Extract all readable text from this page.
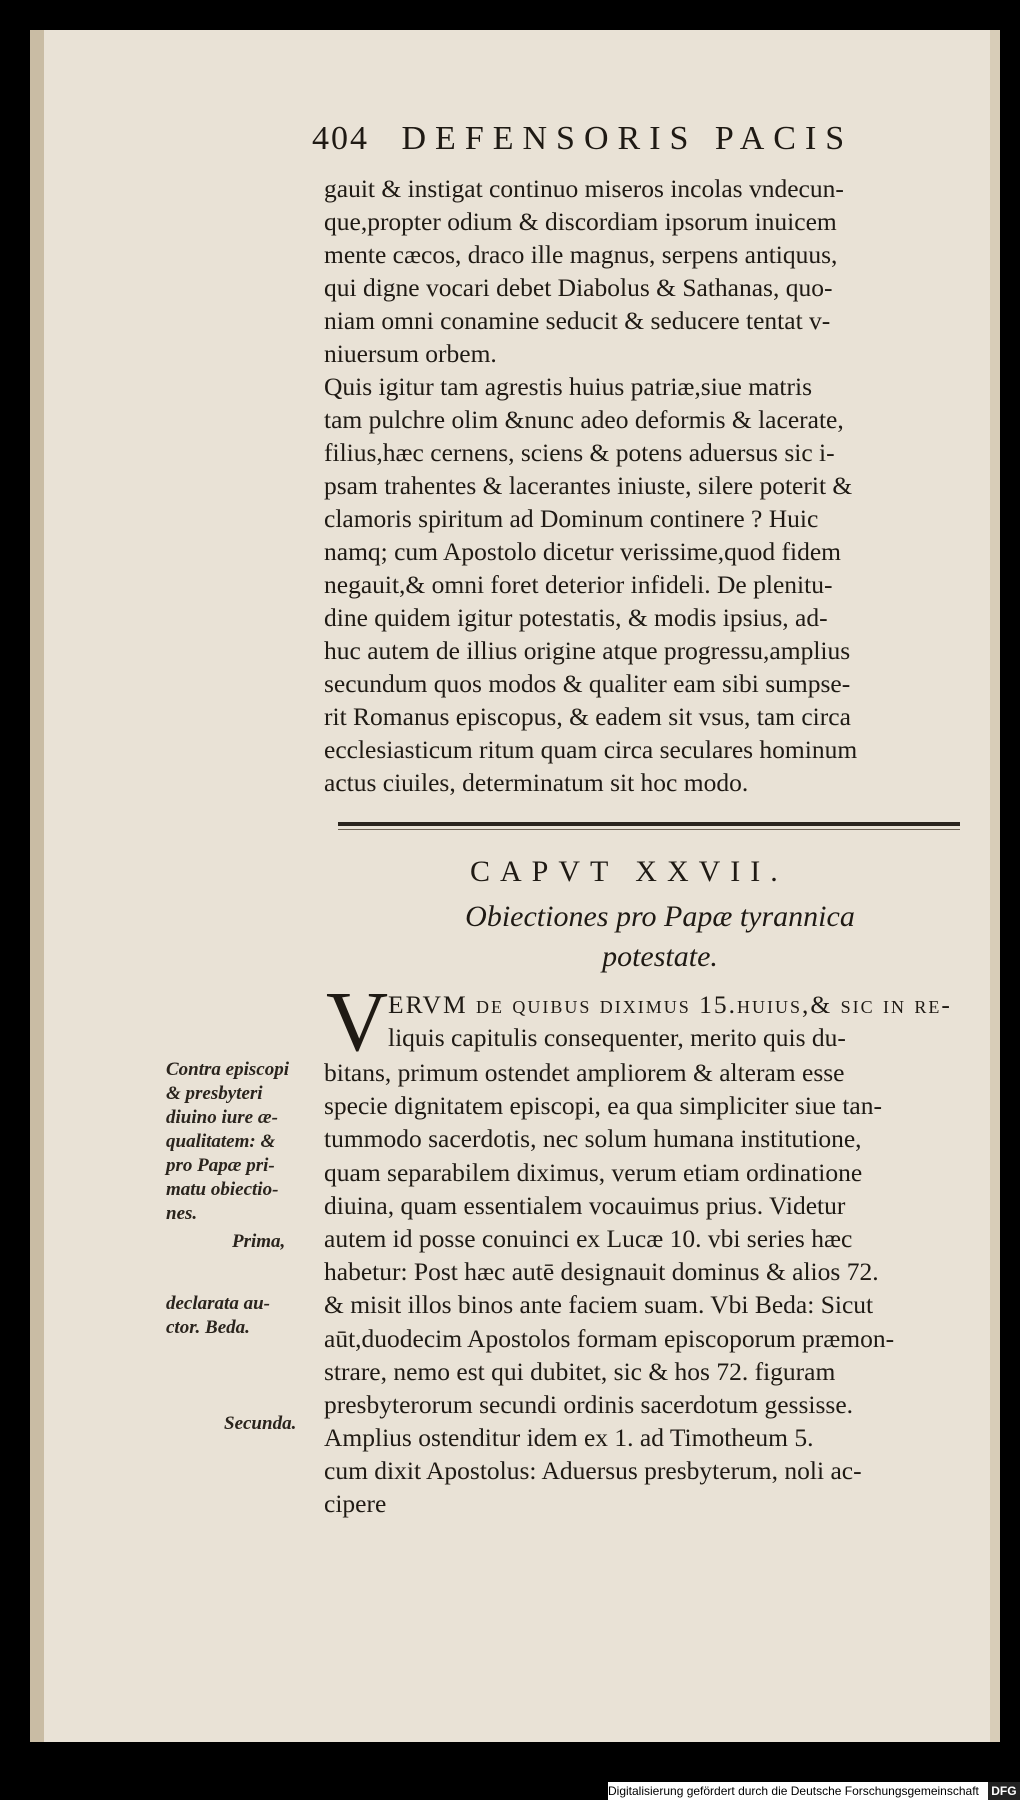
404 DEFENSORIS PACIS
gauit & instigat continuo miseros incolas vndecun-
que,propter odium & discordiam ipsorum inuicem
mente cæcos, draco ille magnus, serpens antiquus,
qui digne vocari debet Diabolus & Sathanas, quo-
niam omni conamine seducit & seducere tentat v-
niuersum orbem.
Quis igitur tam agrestis huius patriæ,siue matris
tam pulchre olim &nunc adeo deformis & lacerate,
filius,hæc cernens, sciens & potens aduersus sic i-
psam trahentes & lacerantes iniuste, silere poterit &
clamoris spiritum ad Dominum continere ? Huic
namq; cum Apostolo dicetur verissime,quod fidem
negauit,& omni foret deterior infideli. De plenitu-
dine quidem igitur potestatis, & modis ipsius, ad-
huc autem de illius origine atque progressu,amplius
secundum quos modos & qualiter eam sibi sumpse-
rit Romanus episcopus, & eadem sit vsus, tam circa
ecclesiasticum ritum quam circa seculares hominum
actus ciuiles, determinatum sit hoc modo.
CAPVT XXVII.
Obiectiones pro Papæ tyrannica
potestate.
V ERVM de quibus diximus 15.huius,& sic in re-
liquis capitulis consequenter, merito quis du-
bitans, primum ostendet ampliorem & alteram esse
specie dignitatem episcopi, ea qua simpliciter siue tan-
tummodo sacerdotis, nec solum humana institutione,
quam separabilem diximus, verum etiam ordinatione
diuina, quam essentialem vocauimus prius. Videtur
autem id posse conuinci ex Lucæ 10. vbi series hæc
habetur: Post hæc autē designauit dominus & alios 72.
& misit illos binos ante faciem suam. Vbi Beda: Sicut
aūt,duodecim Apostolos formam episcoporum præmon-
strare, nemo est qui dubitet, sic & hos 72. figuram
presbyterorum secundi ordinis sacerdotum gessisse.
Amplius ostenditur idem ex 1. ad Timotheum 5.
cum dixit Apostolus: Aduersus presbyterum, noli ac-
cipere
Contra episcopi
& presbyteri
diuino iure æ-
qualitatem: &
pro Papæ pri-
matu obiectio-
nes.
Prima,
declarata au-
ctor. Beda.
Secunda.
Digitalisierung gefördert durch die Deutsche Forschungsgemeinschaft DFG
